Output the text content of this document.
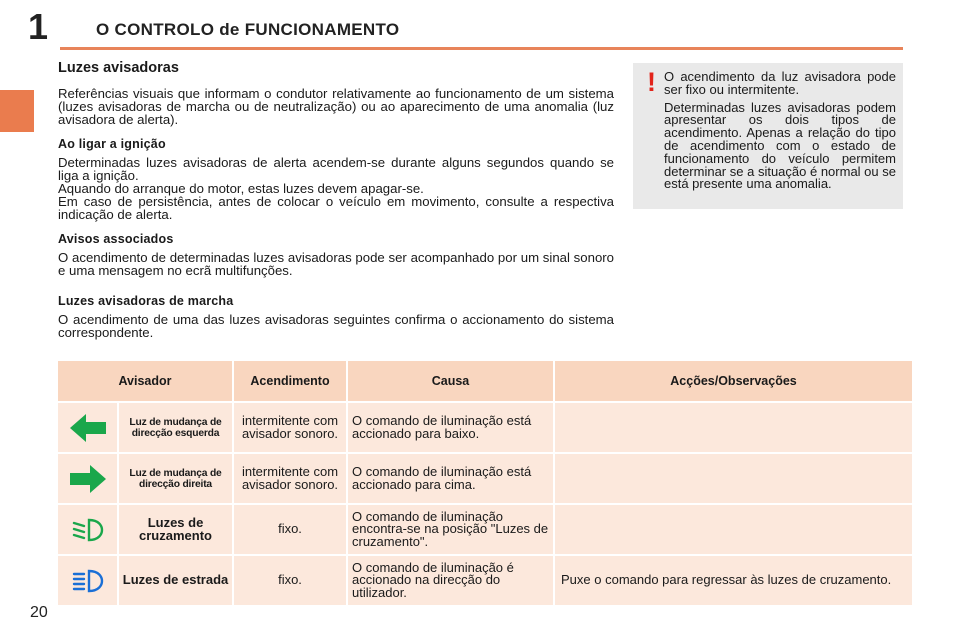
1	O CONTROLO de FUNCIONAMENTO
Luzes avisadoras

Referências visuais que informam o condutor relativamente ao funcionamento de um sistema (luzes avisadoras de marcha ou de neutralização) ou ao aparecimento de uma anomalia (luz avisadora de alerta).

Ao ligar a ignição

Determinadas luzes avisadoras de alerta acendem-se durante alguns segundos quando se liga a ignição.

Aquando do arranque do motor, estas luzes devem apagar-se.

Em caso de persistência, antes de colocar o veículo em movimento, consulte a respectiva indicação de alerta.

Avisos associados

O acendimento de determinadas luzes avisadoras pode ser acompanhado por um sinal sonoro e uma mensagem no ecrã multifunções.

Luzes avisadoras de marcha

O acendimento de uma das luzes avisadoras seguintes confirma o accionamento do sistema correspondente.

! O acendimento da luz avisadora pode ser fixo ou intermitente.

Determinadas luzes avisadoras podem apresentar os dois tipos de acendimento. Apenas a relação do tipo de acendimento com o estado de funcionamento do veículo permitem determinar se a situação é normal ou se está presente uma anomalia.

Avisador		Acendimento	Causa	Acções/Observações

	Luz de mudança de direcção esquerda	intermitente com avisador sonoro.	O comando de iluminação está accionado para baixo.	

	Luz de mudança de direcção direita	intermitente com avisador sonoro.	O comando de iluminação está accionado para cima.	

	Luzes de cruzamento	fixo.	O comando de iluminação encontra-se na posição "Luzes de cruzamento".	

	Luzes de estrada	fixo.	O comando de iluminação é accionado na direcção do utilizador.	Puxe o comando para regressar às luzes de cruzamento.
20
